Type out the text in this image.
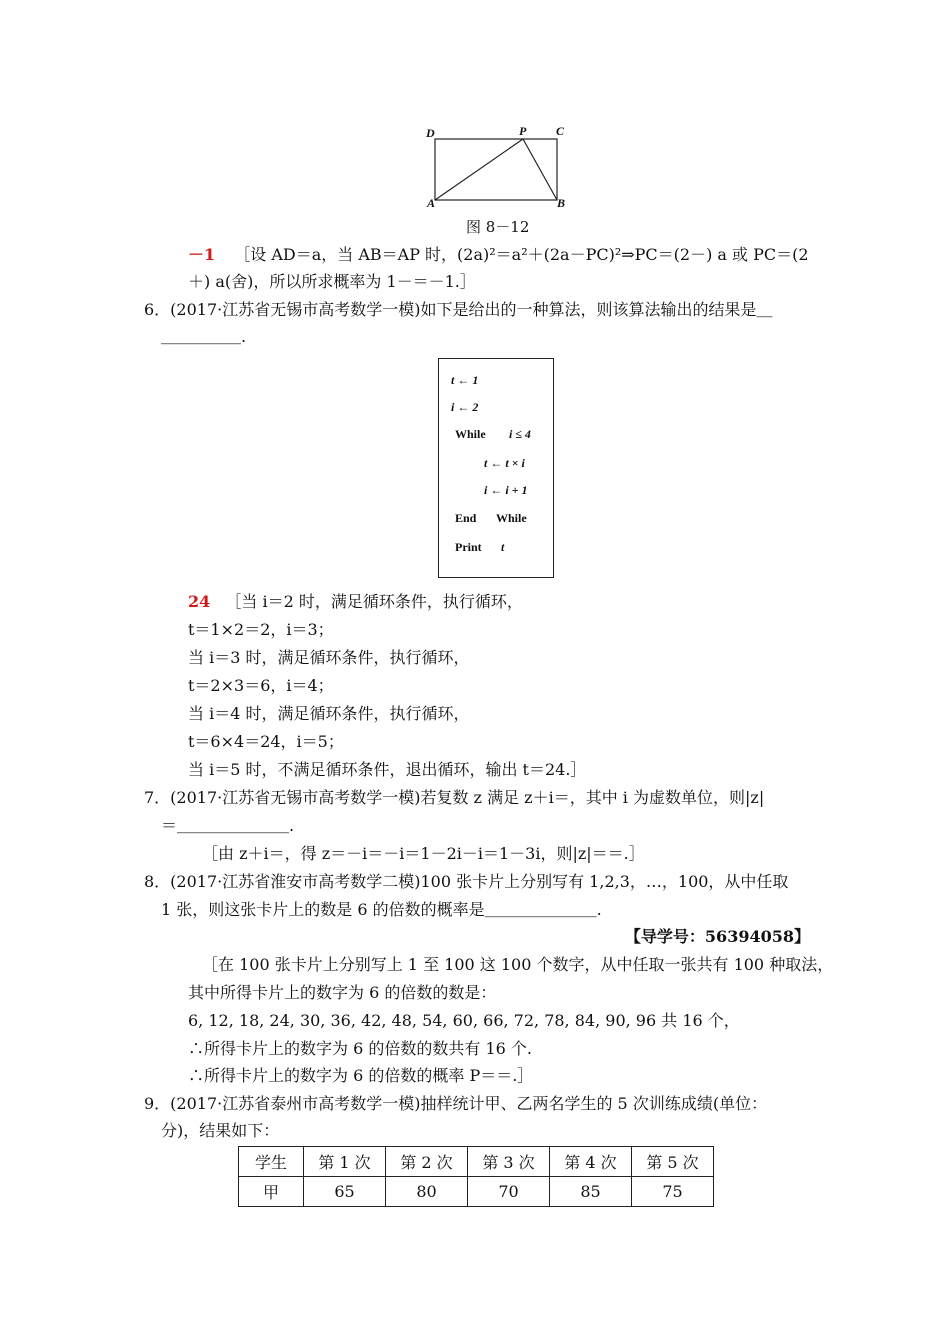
D	P C
A	B
图 8－12
－1 ［设 AD＝a，当 AB＝AP 时，(2a)²＝a²＋(2a－PC)²⇒PC＝(2－) a 或 PC＝(2
＋) a(舍)，所以所求概率为 1－＝－1.］
6．(2017·江苏省无锡市高考数学一模)如下是给出的一种算法，则该算法输出的结果是＿
＿＿＿＿＿.
t ← 1
i ← 2
While i ≤ 4
t ← t × i
i ← i + 1
End While
Print t
24 ［当 i＝2 时，满足循环条件，执行循环，
t＝1×2＝2，i＝3；
当 i＝3 时，满足循环条件，执行循环，
t＝2×3＝6，i＝4；
当 i＝4 时，满足循环条件，执行循环，
t＝6×4＝24，i＝5；
当 i＝5 时，不满足循环条件，退出循环，输出 t＝24.］
7．(2017·江苏省无锡市高考数学一模)若复数 z 满足 z＋i＝，其中 i 为虚数单位，则|z|
＝＿＿＿＿＿＿＿.
［由 z＋i＝，得 z＝－i＝－i＝1－2i－i＝1－3i，则|z|＝＝.］
8．(2017·江苏省淮安市高考数学二模)100 张卡片上分别写有 1,2,3，…，100，从中任取
1 张，则这张卡片上的数是 6 的倍数的概率是＿＿＿＿＿＿＿.
【导学号：56394058】
［在 100 张卡片上分别写上 1 至 100 这 100 个数字，从中任取一张共有 100 种取法，
其中所得卡片上的数字为 6 的倍数的数是：
6, 12, 18, 24, 30, 36, 42, 48, 54, 60, 66, 72, 78, 84, 90, 96 共 16 个，
∴所得卡片上的数字为 6 的倍数的数共有 16 个.
∴所得卡片上的数字为 6 的倍数的概率 P＝＝.］
9．(2017·江苏省泰州市高考数学一模)抽样统计甲、乙两名学生的 5 次训练成绩(单位：
分)，结果如下：
学生	第 1 次	第 2 次	第 3 次	第 4 次	第 5 次
甲	65	80	70	85	75
